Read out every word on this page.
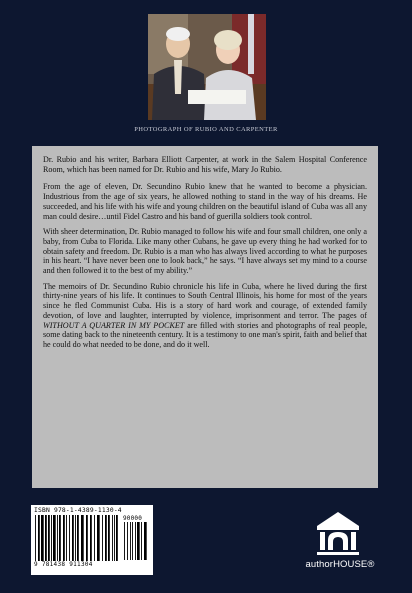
PHOTOGRAPH OF RUBIO AND CARPENTER

Dr. Rubio and his writer, Barbara Elliott Carpenter, at work in the Salem Hospital Conference Room, which has been named for Dr. Rubio and his wife, Mary Jo Rubio.

From the age of eleven, Dr. Secundino Rubio knew that he wanted to become a physician. Industrious from the age of six years, he allowed nothing to stand in the way of his dreams. He succeeded, and his life with his wife and young children on the beautiful island of Cuba was all any man could desire…until Fidel Castro and his band of guerilla soldiers took control.

With sheer determination, Dr. Rubio managed to follow his wife and four small children, one only a baby, from Cuba to Florida. Like many other Cubans, he gave up every thing he had worked for to obtain safety and freedom. Dr. Rubio is a man who has always lived according to what he purposes in his heart. “I have never been one to look back,” he says. “I have always set my mind to a course and then followed it to the best of my ability.”

The memoirs of Dr. Secundino Rubio chronicle his life in Cuba, where he lived during the first thirty-nine years of his life. It continues to South Central Illinois, his home for most of the years since he fled Communist Cuba. His is a story of hard work and courage, of extended family devotion, of love and laughter, interrupted by violence, imprisonment and terror. The pages of WITHOUT A QUARTER IN MY POCKET are filled with stories and photographs of real people, some dating back to the nineteenth century. It is a testimony to one man's spirit, faith and belief that he could do what needed to be done, and do it well.

ISBN 978-1-4389-1130-4
90000
9 781438 911304	authorHOUSE®
